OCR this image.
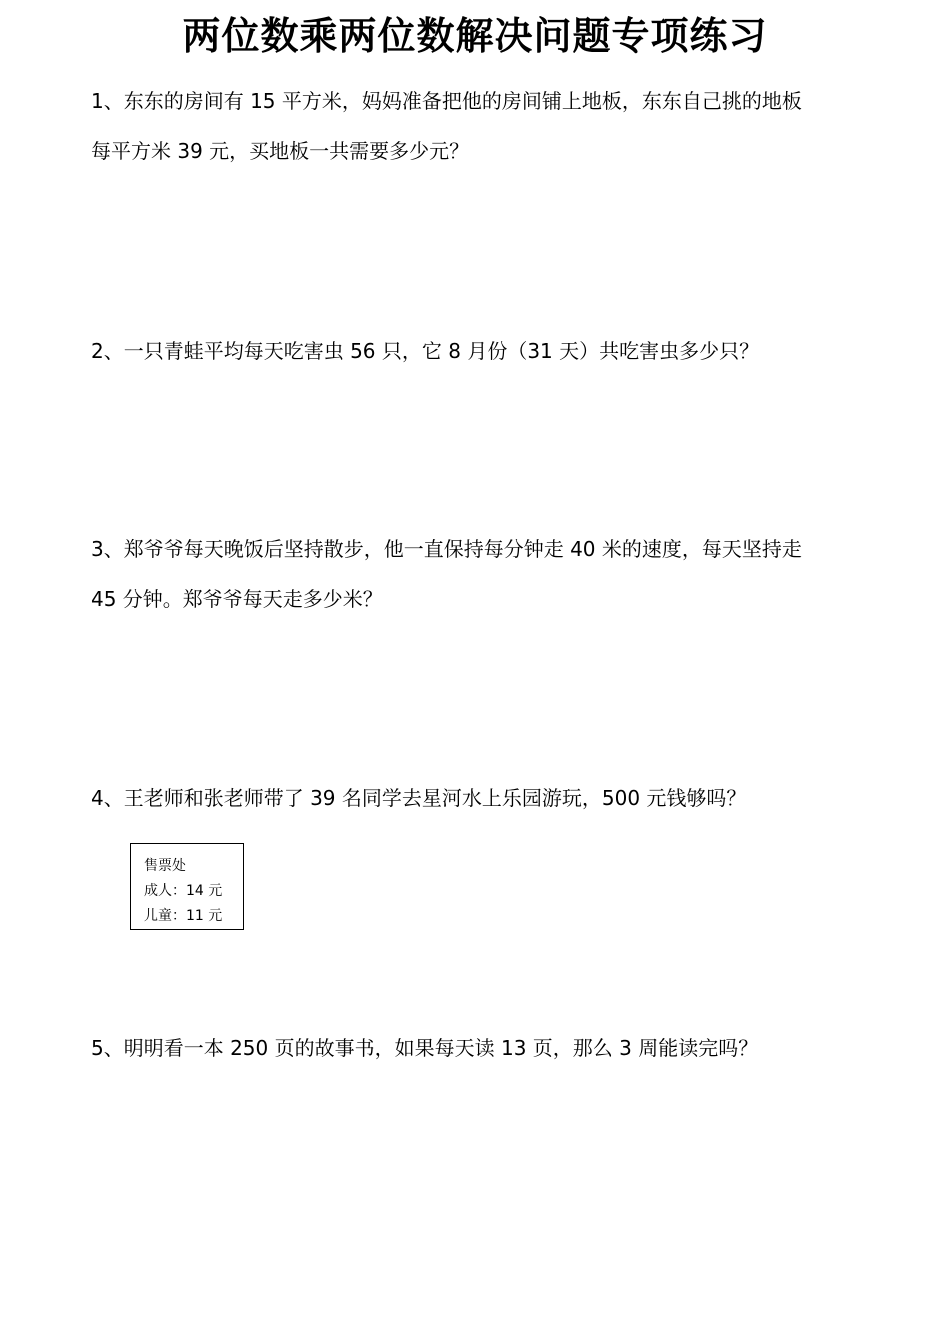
两位数乘两位数解决问题专项练习

1、东东的房间有 15 平方米，妈妈准备把他的房间铺上地板，东东自己挑的地板
每平方米 39 元，买地板一共需要多少元？

2、一只青蛙平均每天吃害虫 56 只，它 8 月份（31 天）共吃害虫多少只？

3、郑爷爷每天晚饭后坚持散步，他一直保持每分钟走 40 米的速度，每天坚持走
45 分钟。郑爷爷每天走多少米？

4、王老师和张老师带了 39 名同学去星河水上乐园游玩，500 元钱够吗？

售票处
成人：14 元
儿童：11 元

5、明明看一本 250 页的故事书，如果每天读 13 页，那么 3 周能读完吗？
